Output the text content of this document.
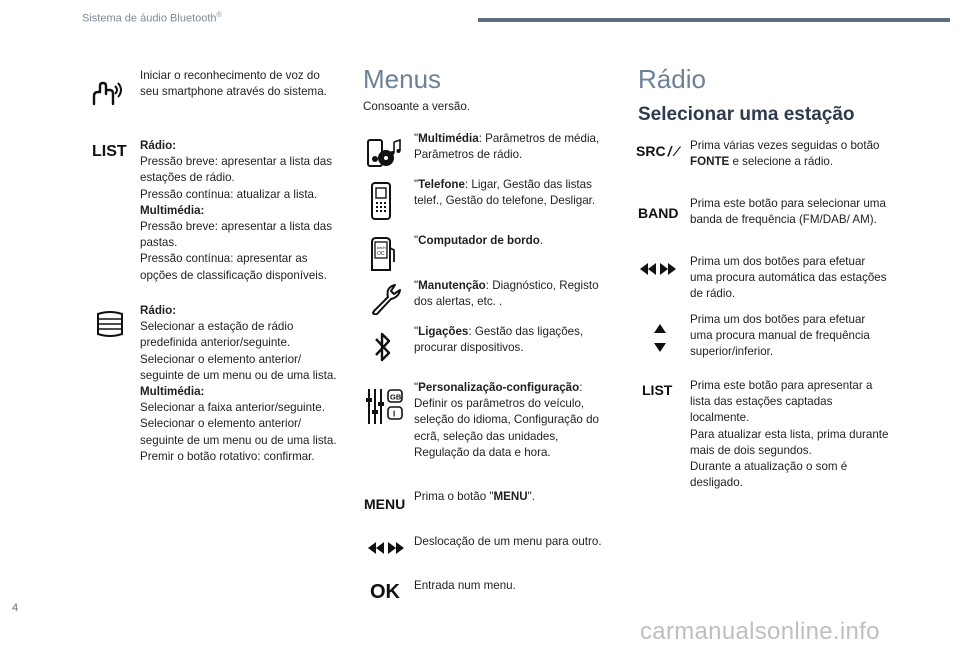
Sistema de áudio Bluetooth®
Iniciar o reconhecimento de voz do seu smartphone através do sistema.
LIST Rádio:
Pressão breve: apresentar a lista das estações de rádio.
Pressão contínua: atualizar a lista.
Multimédia:
Pressão breve: apresentar a lista das pastas.
Pressão contínua: apresentar as opções de classificação disponíveis.
Rádio:
Selecionar a estação de rádio predefinida anterior/seguinte.
Selecionar o elemento anterior/ seguinte de um menu ou de uma lista.
Multimédia:
Selecionar a faixa anterior/seguinte.
Selecionar o elemento anterior/ seguinte de um menu ou de uma lista.
Premir o botão rotativo: confirmar.
Menus
Consoante a versão.
km/h
OC
GB
I
"Multimédia: Parâmetros de média, Parâmetros de rádio.
"Telefone: Ligar, Gestão das listas telef., Gestão do telefone, Desligar.
"Computador de bordo.
"Manutenção: Diagnóstico, Registo dos alertas, etc. .
"Ligações: Gestão das ligações, procurar dispositivos.
"Personalização-configuração: Definir os parâmetros do veículo, seleção do idioma, Configuração do ecrã, seleção das unidades, Regulação da data e hora.
MENU Prima o botão "MENU".
Deslocação de um menu para outro.
OK Entrada num menu.
Rádio
Selecionar uma estação
SRC / ⁄ Prima várias vezes seguidas o botão FONTE e selecione a rádio.
BAND
Prima este botão para selecionar uma banda de frequência (FM/DAB/ AM).
Prima um dos botões para efetuar uma procura automática das estações de rádio.
Prima um dos botões para efetuar uma procura manual de frequência superior/inferior.
LIST Prima este botão para apresentar a lista das estações captadas localmente.
Para atualizar esta lista, prima durante mais de dois segundos.
Durante a atualização o som é desligado.
4
carmanualsonline.info
